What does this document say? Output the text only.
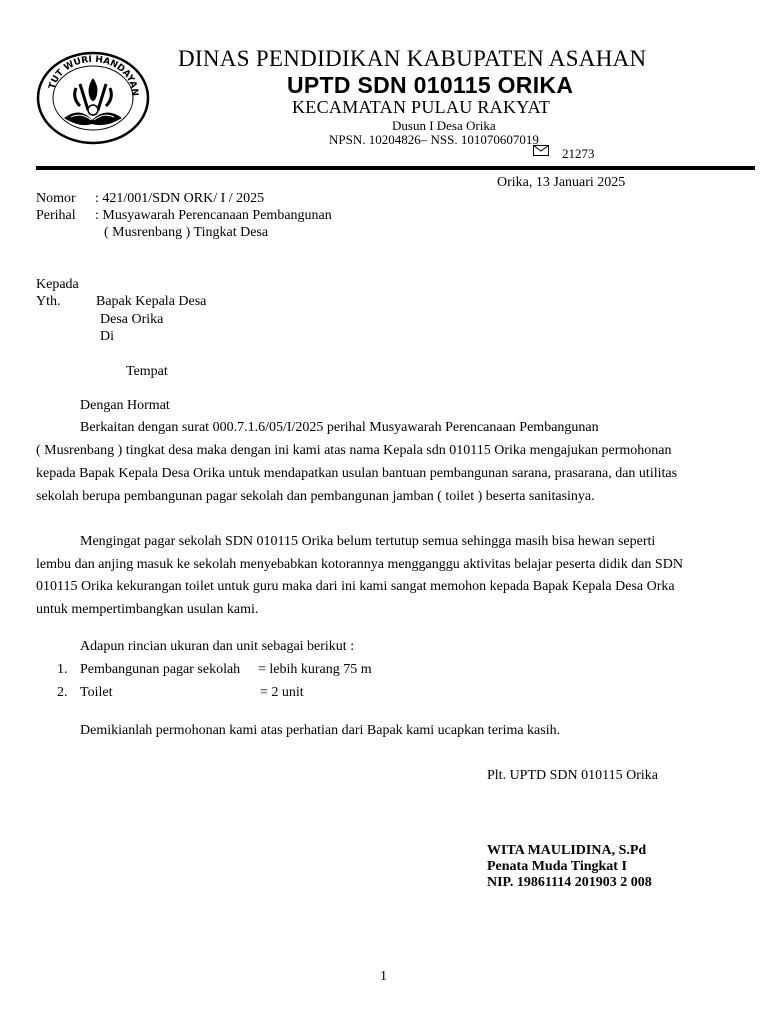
TUT WURI HANDAYAN
DINAS PENDIDIKAN KABUPATEN ASAHAN
UPTD SDN 010115 ORIKA
KECAMATAN PULAU RAKYAT
Dusun I Desa Orika
NPSN. 10204826– NSS. 101070607019
21273
Orika, 13 Januari 2025
Nomor : 421/001/SDN ORK/ I / 2025
Perihal : Musyawarah Perencanaan Pembangunan
( Musrenbang ) Tingkat Desa
Kepada
Yth.	Bapak Kepala Desa
Desa Orika
Di
Tempat
Dengan Hormat
Berkaitan dengan surat 000.7.1.6/05/I/2025 perihal Musyawarah Perencanaan Pembangunan
( Musrenbang ) tingkat desa maka dengan ini kami atas nama Kepala sdn 010115 Orika mengajukan permohonan
kepada Bapak Kepala Desa Orika untuk mendapatkan usulan bantuan pembangunan sarana, prasarana, dan utilitas
sekolah berupa pembangunan pagar sekolah dan pembangunan jamban ( toilet ) beserta sanitasinya.
Mengingat pagar sekolah SDN 010115 Orika belum tertutup semua sehingga masih bisa hewan seperti
lembu dan anjing masuk ke sekolah menyebabkan kotorannya mengganggu aktivitas belajar peserta didik dan SDN
010115 Orika kekurangan toilet untuk guru maka dari ini kami sangat memohon kepada Bapak Kepala Desa Orka
untuk mempertimbangkan usulan kami.
Adapun rincian ukuran dan unit sebagai berikut :
1. Pembangunan pagar sekolah = lebih kurang 75 m
2. Toilet	= 2 unit
Demikianlah permohonan kami atas perhatian dari Bapak kami ucapkan terima kasih.
Plt. UPTD SDN 010115 Orika
WITA MAULIDINA, S.Pd
Penata Muda Tingkat I
NIP. 19861114 201903 2 008
1
